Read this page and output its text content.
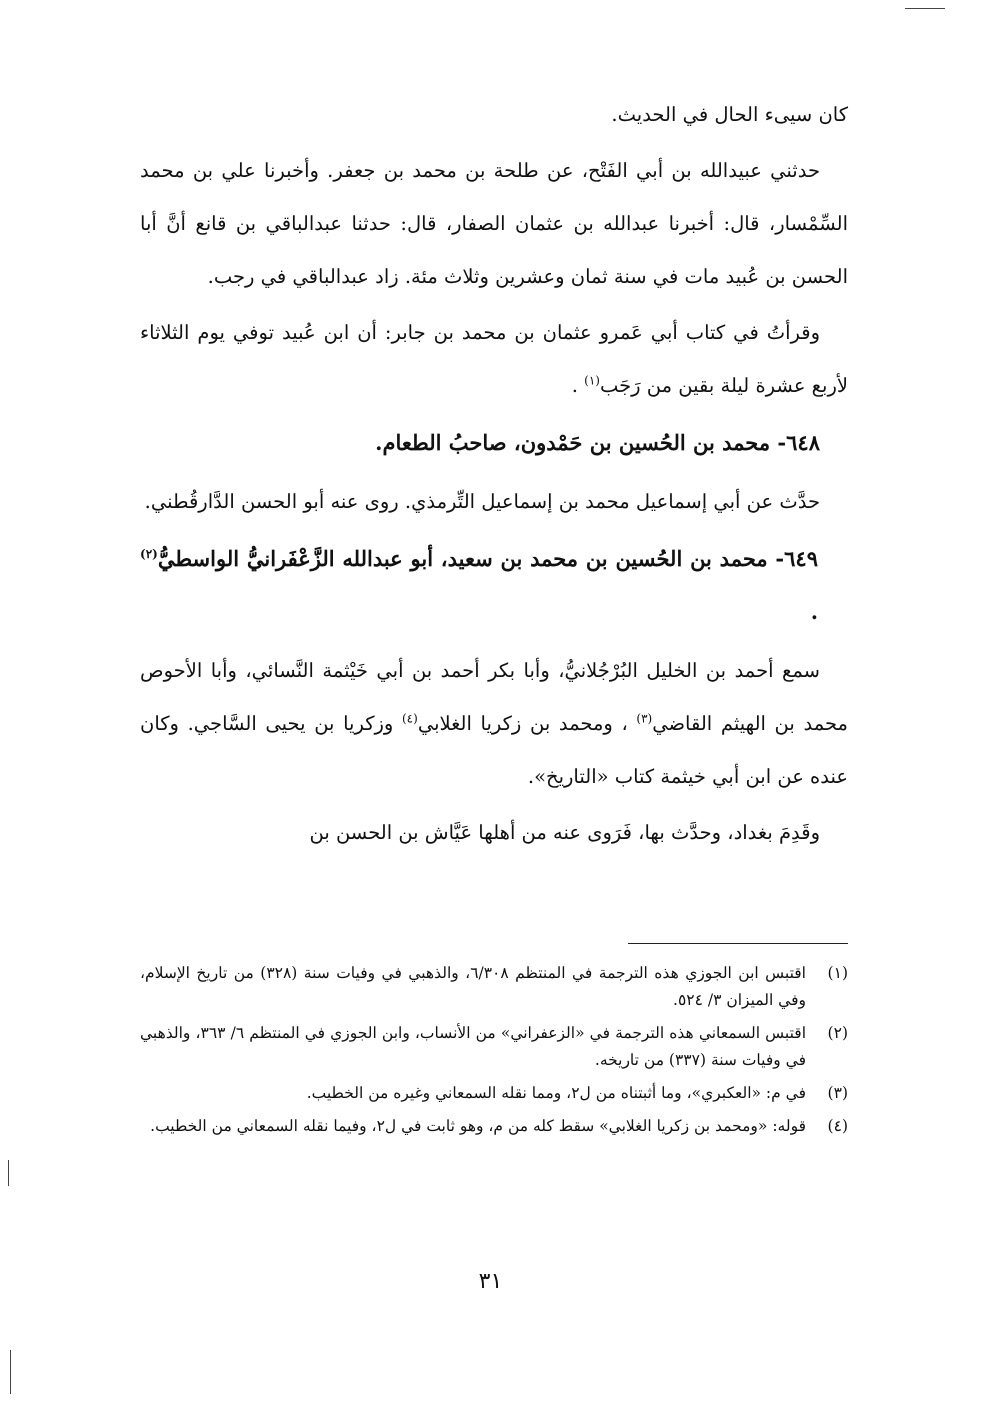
كان سيىء الحال في الحديث.

حدثني عبيدالله بن أبي الفَتْح، عن طلحة بن محمد بن جعفر. وأخبرنا علي بن محمد السِّمْسار، قال: أخبرنا عبدالله بن عثمان الصفار، قال: حدثنا عبدالباقي بن قانع أنَّ أبا الحسن بن عُبيد مات في سنة ثمان وعشرين وثلاث مئة. زاد عبدالباقي في رجب.

وقرأتُ في كتاب أبي عَمرو عثمان بن محمد بن جابر: أن ابن عُبيد توفي يوم الثلاثاء لأربع عشرة ليلة بقين من رَجَب$^{(١)}$ .

٦٤٨- محمد بن الحُسين بن حَمْدون، صاحبُ الطعام.

حدَّث عن أبي إسماعيل محمد بن إسماعيل التِّرمذي. روى عنه أبو الحسن الدَّارقُطني.

٦٤٩- محمد بن الحُسين بن محمد بن سعيد، أبو عبدالله الزَّعْفَرانيُّ الواسطيُّ$^{(٢)}$ .

سمع أحمد بن الخليل البُرْجُلانيُّ، وأبا بكر أحمد بن أبي خَيْثمة النَّسائي، وأبا الأحوص محمد بن الهيثم القاضي$^{(٣)}$ ، ومحمد بن زكريا الغلابي$^{(٤)}$ وزكريا بن يحيى السَّاجي. وكان عنده عن ابن أبي خيثمة كتاب «التاريخ».

وقَدِمَ بغداد، وحدَّث بها، فَرَوى عنه من أهلها عَيَّاش بن الحسن بن

(١)
اقتبس ابن الجوزي هذه الترجمة في المنتظم ٦/٣٠٨، والذهبي في وفيات سنة (٣٢٨) من تاريخ الإسلام، وفي الميزان ٣/ ٥٢٤.
(٢)
اقتبس السمعاني هذه الترجمة في «الزعفراني» من الأنساب، وابن الجوزي في المنتظم ٦/ ٣٦٣، والذهبي في وفيات سنة (٣٣٧) من تاريخه.
(٣)
في م: «العكبري»، وما أثبتناه من ل٢، ومما نقله السمعاني وغيره من الخطيب.
(٤)
قوله: «ومحمد بن زكريا الغلابي» سقط كله من م، وهو ثابت في ل٢، وفيما نقله السمعاني من الخطيب.
٣١
